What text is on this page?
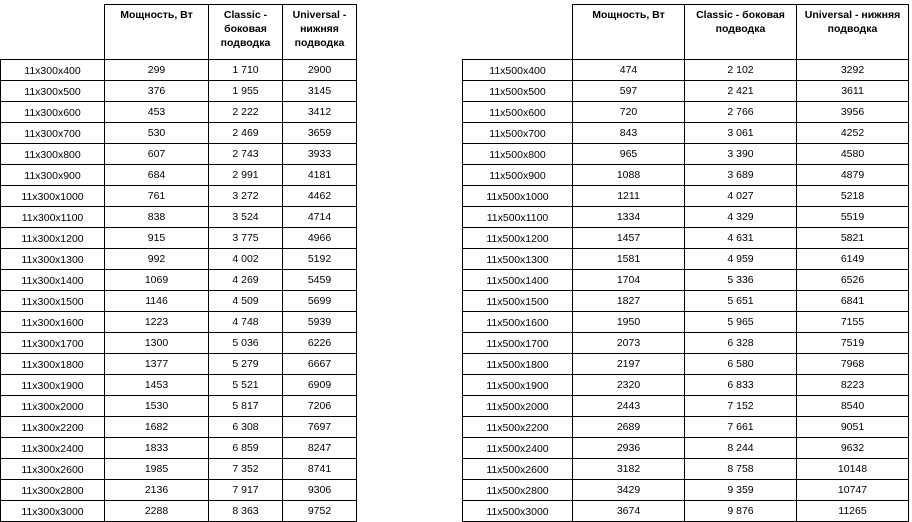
	Мощность, Вт	Classic - боковая подводка	Universal - нижняя подводка
11x300x400	299	1 710	2900
11x300x500	376	1 955	3145
11x300x600	453	2 222	3412
11x300x700	530	2 469	3659
11x300x800	607	2 743	3933
11x300x900	684	2 991	4181
11x300x1000	761	3 272	4462
11x300x1100	838	3 524	4714
11x300x1200	915	3 775	4966
11x300x1300	992	4 002	5192
11x300x1400	1069	4 269	5459
11x300x1500	1146	4 509	5699
11x300x1600	1223	4 748	5939
11x300x1700	1300	5 036	6226
11x300x1800	1377	5 279	6667
11x300x1900	1453	5 521	6909
11x300x2000	1530	5 817	7206
11x300x2200	1682	6 308	7697
11x300x2400	1833	6 859	8247
11x300x2600	1985	7 352	8741
11x300x2800	2136	7 917	9306
11x300x3000	2288	8 363	9752
	Мощность, Вт	Classic - боковая подводка	Universal - нижняя подводка
11x500x400	474	2 102	3292
11x500x500	597	2 421	3611
11x500x600	720	2 766	3956
11x500x700	843	3 061	4252
11x500x800	965	3 390	4580
11x500x900	1088	3 689	4879
11x500x1000	1211	4 027	5218
11x500x1100	1334	4 329	5519
11x500x1200	1457	4 631	5821
11x500x1300	1581	4 959	6149
11x500x1400	1704	5 336	6526
11x500x1500	1827	5 651	6841
11x500x1600	1950	5 965	7155
11x500x1700	2073	6 328	7519
11x500x1800	2197	6 580	7968
11x500x1900	2320	6 833	8223
11x500x2000	2443	7 152	8540
11x500x2200	2689	7 661	9051
11x500x2400	2936	8 244	9632
11x500x2600	3182	8 758	10148
11x500x2800	3429	9 359	10747
11x500x3000	3674	9 876	11265
